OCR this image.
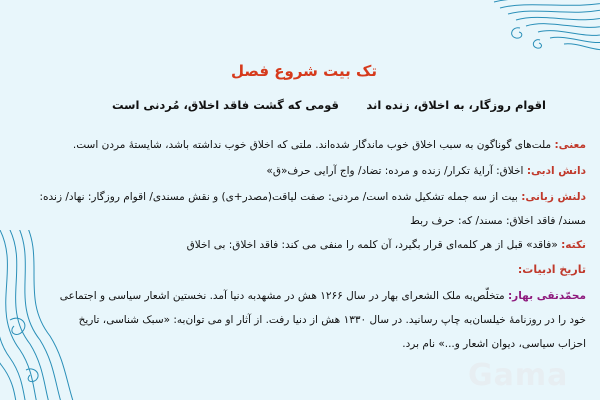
Gama
تک بیت شروع فصل
اقوام روزگار، به اخلاق، زنده اند
قومی که گشت فاقد اخلاق، مُردنی است
معنی: ملت‌های گوناگون به سبب اخلاق خوب ماندگار شده‌اند. ملتی که اخلاق خوب نداشته باشد، شایستهٔ مردن است.
دانش ادبی: اخلاق: آرایهٔ تکرار/ زنده و مرده: تضاد/ واج آرایی حرف«ق»
دلنش زبانی: بیت از سه جمله تشکیل شده است/ مردنی: صفت لیاقت(مصدر+ی) و نقش مسندی/ اقوام روزگار: نهاد/ زنده:
مسند/ فاقد اخلاق: مسند/ که: حرف ربط
نکته: «فاقد» قبل از هر کلمه‌ای قرار بگیرد، آن کلمه را منفی می کند: فاقد اخلاق: بی اخلاق
تاریخ ادبیات:
محمّدتقی بهار: متخلّص‌به ملک الشعرای بهار در سال ۱۲۶۶ هش در مشهدبه دنیا آمد. نخستین اشعار سیاسی و اجتماعی
خود را در روزنامهٔ خیلسان‌به چاپ رسانید. در سال ۱۳۳۰ هش از دنیا رفت. از آثار او می توان‌به: «سبک شناسی، تاریخ
احزاب سیاسی، دیوان اشعار و...» نام برد.
